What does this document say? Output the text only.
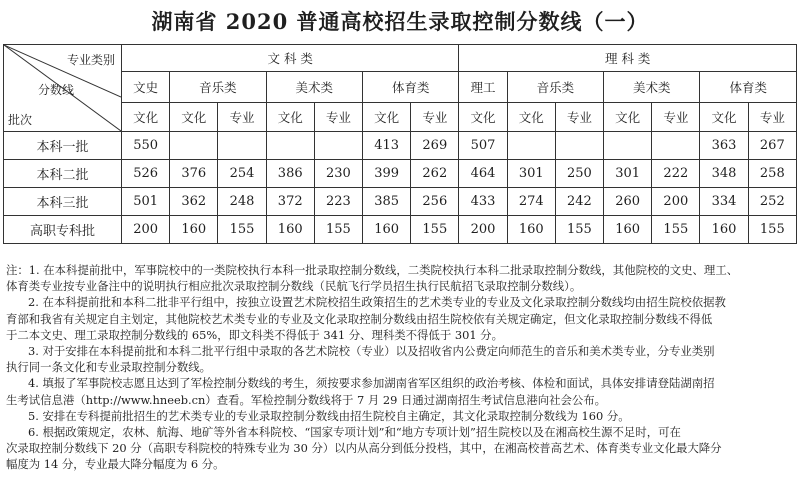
湖南省 2020 普通高校招生录取控制分数线（一）
专业类别
分数线
批次	文 科 类							理 科 类						
	文史	音乐类		美术类		体育类		理工	音乐类		美术类		体育类	
	文化	文化	专业	文化	专业	文化	专业	文化	文化	专业	文化	专业	文化	专业
本科一批	550					413	269	507					363	267
本科二批	526	376	254	386	230	399	262	464	301	250	301	222	348	258
本科三批	501	362	248	372	223	385	256	433	274	242	260	200	334	252
高职专科批	200	160	155	160	155	160	155	200	160	155	160	155	160	155

注：1. 在本科提前批中，军事院校中的一类院校执行本科一批录取控制分数线，二类院校执行本科二批录取控制分数线，其他院校的文史、理工、

体育类专业按专业备注中的说明执行相应批次录取控制分数线（民航飞行学员招生执行民航招飞录取控制分数线）。

2. 在本科提前批和本科二批非平行组中，按独立设置艺术院校招生政策招生的艺术类专业的专业及文化录取控制分数线均由招生院校依据教

育部和我省有关规定自主划定，其他院校艺术类专业的专业及文化录取控制分数线由招生院校依有关规定确定，但文化录取控制分数线不得低

于二本文史、理工录取控制分数线的 65%，即文科类不得低于 341 分、理科类不得低于 301 分。

3. 对于安排在本科提前批和本科二批平行组中录取的各艺术院校（专业）以及招收省内公费定向师范生的音乐和美术类专业，分专业类别

执行同一条文化和专业录取控制分数线。

4. 填报了军事院校志愿且达到了军检控制分数线的考生，须按要求参加湖南省军区组织的政治考核、体检和面试，具体安排请登陆湖南招

生考试信息港（http://www.hneeb.cn）查看。军检控制分数线将于 7 月 29 日通过湖南招生考试信息港向社会公布。

5. 安排在专科提前批招生的艺术类专业的专业录取控制分数线由招生院校自主确定，其文化录取控制分数线为 160 分。

6. 根据政策规定，农林、航海、地矿等外省本科院校、“国家专项计划”和“地方专项计划”招生院校以及在湘高校生源不足时，可在

次录取控制分数线下 20 分（高职专科院校的特殊专业为 30 分）以内从高分到低分投档，其中，在湘高校普高艺术、体育类专业文化最大降分

幅度为 14 分，专业最大降分幅度为 6 分。
